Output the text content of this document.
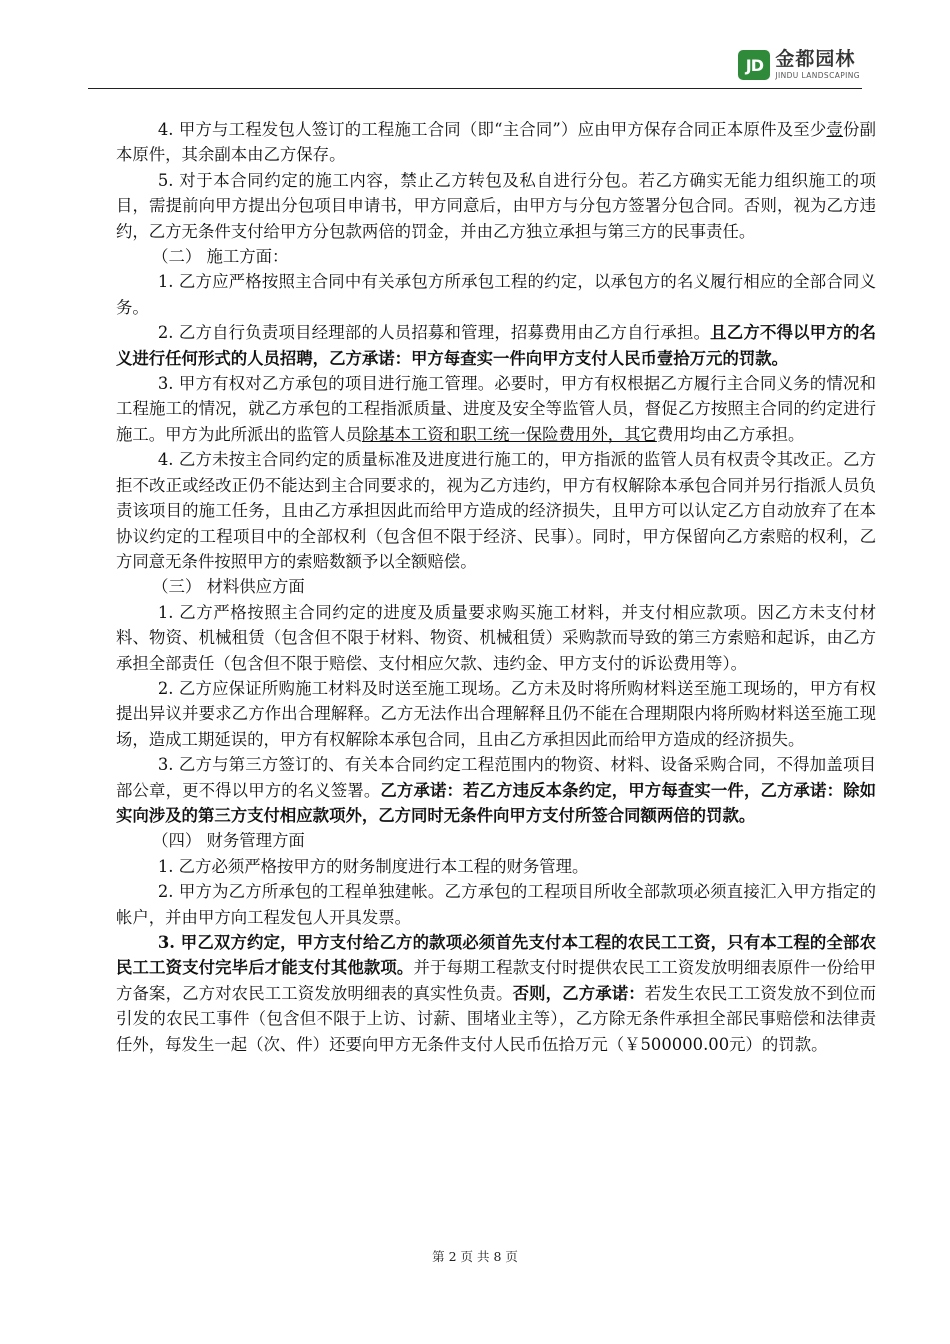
JD 金都园林
JINDU LANDSCAPING

4. 甲方与工程发包人签订的工程施工合同（即“主合同”）应由甲方保存合同正本原件及至少壹份副本原件，其余副本由乙方保存。

5. 对于本合同约定的施工内容，禁止乙方转包及私自进行分包。若乙方确实无能力组织施工的项目，需提前向甲方提出分包项目申请书，甲方同意后，由甲方与分包方签署分包合同。否则，视为乙方违约，乙方无条件支付给甲方分包款两倍的罚金，并由乙方独立承担与第三方的民事责任。

（二） 施工方面：

1. 乙方应严格按照主合同中有关承包方所承包工程的约定，以承包方的名义履行相应的全部合同义务。

2. 乙方自行负责项目经理部的人员招募和管理，招募费用由乙方自行承担。且乙方不得以甲方的名义进行任何形式的人员招聘，乙方承诺：甲方每查实一件向甲方支付人民币壹拾万元的罚款。

3. 甲方有权对乙方承包的项目进行施工管理。必要时，甲方有权根据乙方履行主合同义务的情况和工程施工的情况，就乙方承包的工程指派质量、进度及安全等监管人员，督促乙方按照主合同的约定进行施工。甲方为此所派出的监管人员除基本工资和职工统一保险费用外，其它费用均由乙方承担。

4. 乙方未按主合同约定的质量标准及进度进行施工的，甲方指派的监管人员有权责令其改正。乙方拒不改正或经改正仍不能达到主合同要求的，视为乙方违约，甲方有权解除本承包合同并另行指派人员负责该项目的施工任务，且由乙方承担因此而给甲方造成的经济损失，且甲方可以认定乙方自动放弃了在本协议约定的工程项目中的全部权利（包含但不限于经济、民事）。同时，甲方保留向乙方索赔的权利，乙方同意无条件按照甲方的索赔数额予以全额赔偿。

（三） 材料供应方面

1. 乙方严格按照主合同约定的进度及质量要求购买施工材料，并支付相应款项。因乙方未支付材料、物资、机械租赁（包含但不限于材料、物资、机械租赁）采购款而导致的第三方索赔和起诉，由乙方承担全部责任（包含但不限于赔偿、支付相应欠款、违约金、甲方支付的诉讼费用等）。

2. 乙方应保证所购施工材料及时送至施工现场。乙方未及时将所购材料送至施工现场的，甲方有权提出异议并要求乙方作出合理解释。乙方无法作出合理解释且仍不能在合理期限内将所购材料送至施工现场，造成工期延误的，甲方有权解除本承包合同，且由乙方承担因此而给甲方造成的经济损失。

3. 乙方与第三方签订的、有关本合同约定工程范围内的物资、材料、设备采购合同，不得加盖项目部公章，更不得以甲方的名义签署。乙方承诺：若乙方违反本条约定，甲方每查实一件，乙方承诺：除如实向涉及的第三方支付相应款项外，乙方同时无条件向甲方支付所签合同额两倍的罚款。

（四） 财务管理方面

1. 乙方必须严格按甲方的财务制度进行本工程的财务管理。

2. 甲方为乙方所承包的工程单独建帐。乙方承包的工程项目所收全部款项必须直接汇入甲方指定的帐户，并由甲方向工程发包人开具发票。

3. 甲乙双方约定，甲方支付给乙方的款项必须首先支付本工程的农民工工资，只有本工程的全部农民工工资支付完毕后才能支付其他款项。并于每期工程款支付时提供农民工工资发放明细表原件一份给甲方备案，乙方对农民工工资发放明细表的真实性负责。否则，乙方承诺：若发生农民工工资发放不到位而引发的农民工事件（包含但不限于上访、讨薪、围堵业主等），乙方除无条件承担全部民事赔偿和法律责任外，每发生一起（次、件）还要向甲方无条件支付人民币伍拾万元（￥500000.00元）的罚款。

第 2 页 共 8 页
